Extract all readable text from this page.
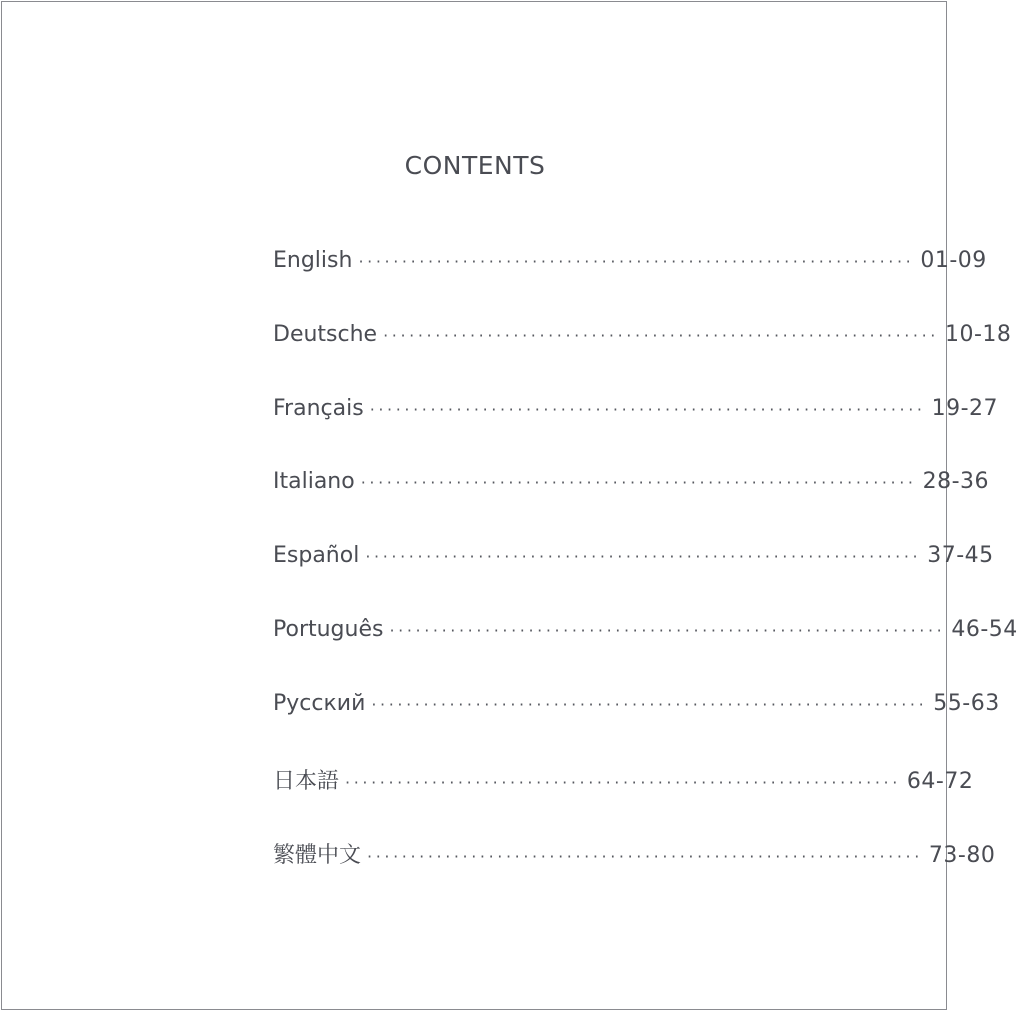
CONTENTS
English ································································ 01-09
Deutsche ································································ 10-18
Français ································································ 19-27
Italiano ································································ 28-36
Español ································································ 37-45
Português ································································ 46-54
Русский ································································ 55-63
日本語 ································································ 64-72
繁體中文 ································································ 73-80
